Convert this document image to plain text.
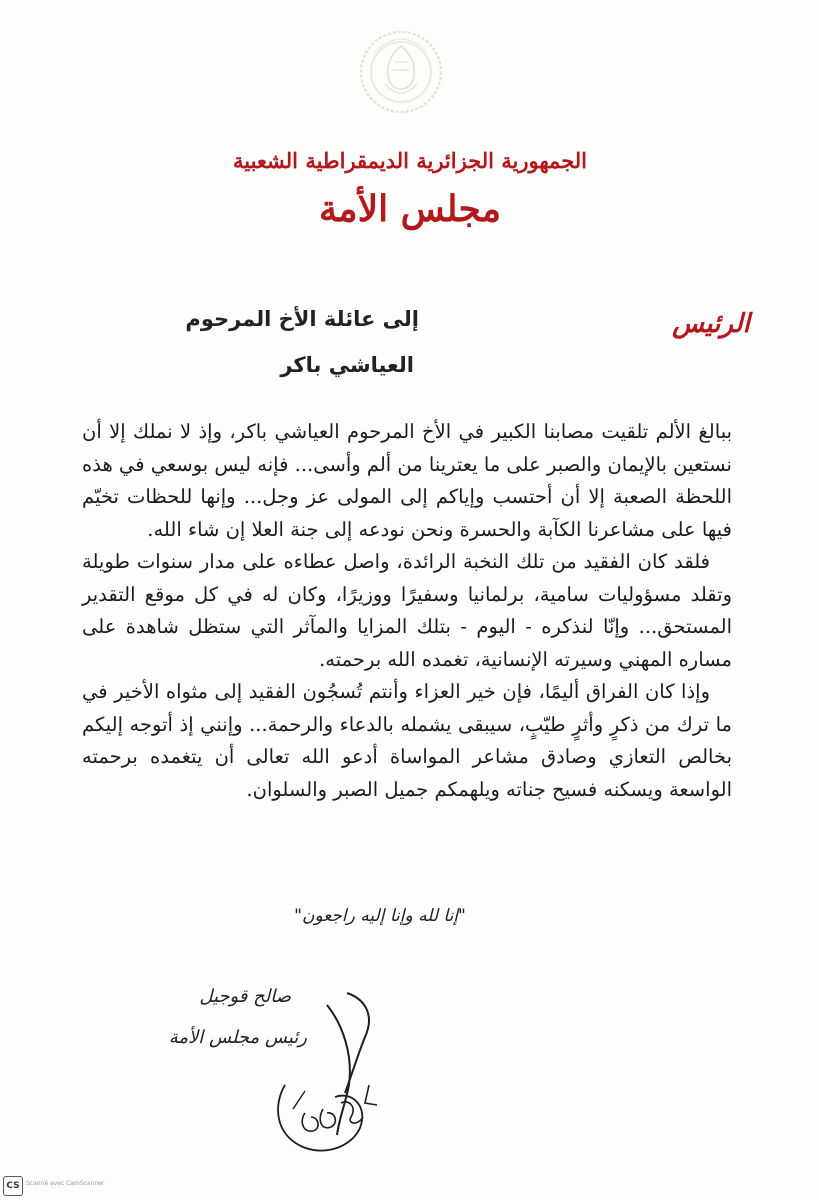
الجمهورية الجزائرية الديمقراطية الشعبية
مجلس الأمة
الرئيس
إلى عائلة الأخ المرحوم
العياشي باكر

ببالغ الألم تلقيت مصابنا الكبير في الأخ المرحوم العياشي باكر، وإذ لا نملك إلا أن نستعين بالإيمان والصبر على ما يعترينا من ألم وأسى... فإنه ليس بوسعي في هذه اللحظة الصعبة إلا أن أحتسب وإياكم إلى المولى عز وجل... وإنها للحظات تخيّم فيها على مشاعرنا الكآبة والحسرة ونحن نودعه إلى جنة العلا إن شاء الله.

فلقد كان الفقيد من تلك النخبة الرائدة، واصل عطاءه على مدار سنوات طويلة وتقلد مسؤوليات سامية، برلمانيا وسفيرًا ووزيرًا، وكان له في كل موقع التقدير المستحق... وإنّا لنذكره - اليوم - بتلك المزايا والمآثر التي ستظل شاهدة على مساره المهني وسيرته الإنسانية، تغمده الله برحمته.

وإذا كان الفراق أليمًا، فإن خير العزاء وأنتم تُسجُون الفقيد إلى مثواه الأخير في ما ترك من ذكرٍ وأثرٍ طيّبٍ، سيبقى يشمله بالدعاء والرحمة... وإنني إذ أتوجه إليكم بخالص التعازي وصادق مشاعر المواساة أدعو الله تعالى أن يتغمده برحمته الواسعة ويسكنه فسيح جناته ويلهمكم جميل الصبر والسلوان.

"إنا لله وإنا إليه راجعون"
صالح قوجيل
رئيس مجلس الأمة
CS	Scanné avec CamScanner
